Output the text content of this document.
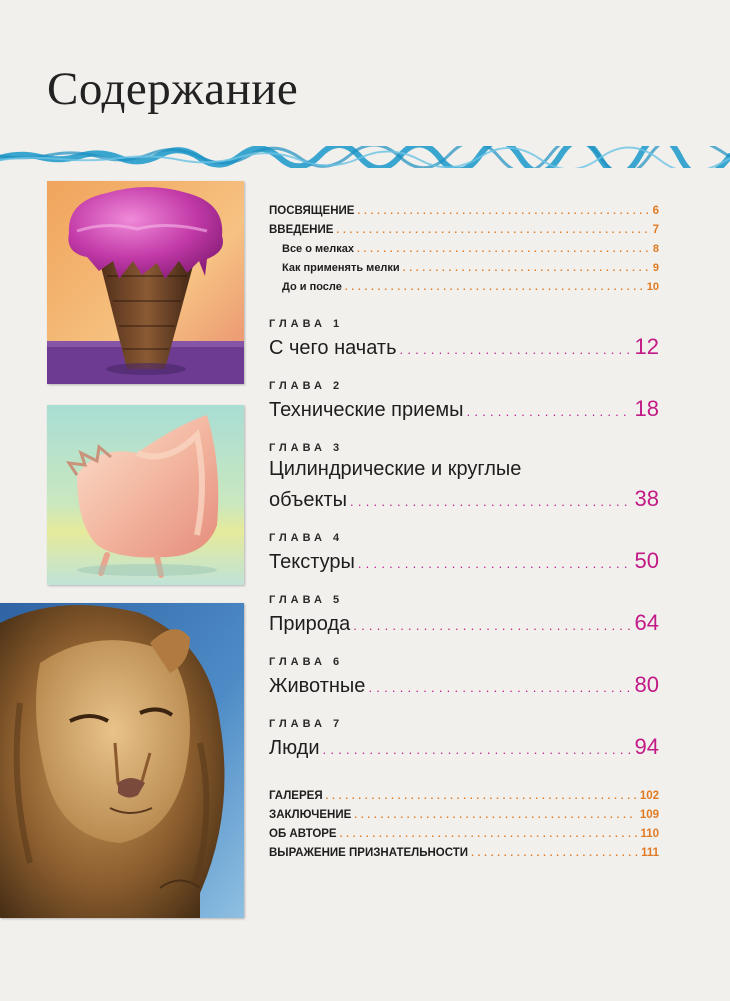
Содержание
ПОСВЯЩЕНИЕ . . .	6
ВВЕДЕНИЕ . . .	7
Все о мелках . . .	8
Как применять мелки . . .	9
До и после . . .	10
ГЛАВА 1
С чего начать . . .	12
ГЛАВА 2
Технические приемы . . .	18
ГЛАВА 3
Цилиндрические и круглые
объекты . . .	38
ГЛАВА 4
Текстуры . . .	50
ГЛАВА 5
Природа . . .	64
ГЛАВА 6
Животные . . .	80
ГЛАВА 7
Люди . . .	94
ГАЛЕРЕЯ . . .	102
ЗАКЛЮЧЕНИЕ . . .	109
ОБ АВТОРЕ . . .	110
ВЫРАЖЕНИЕ ПРИЗНАТЕЛЬНОСТИ . . .	111
